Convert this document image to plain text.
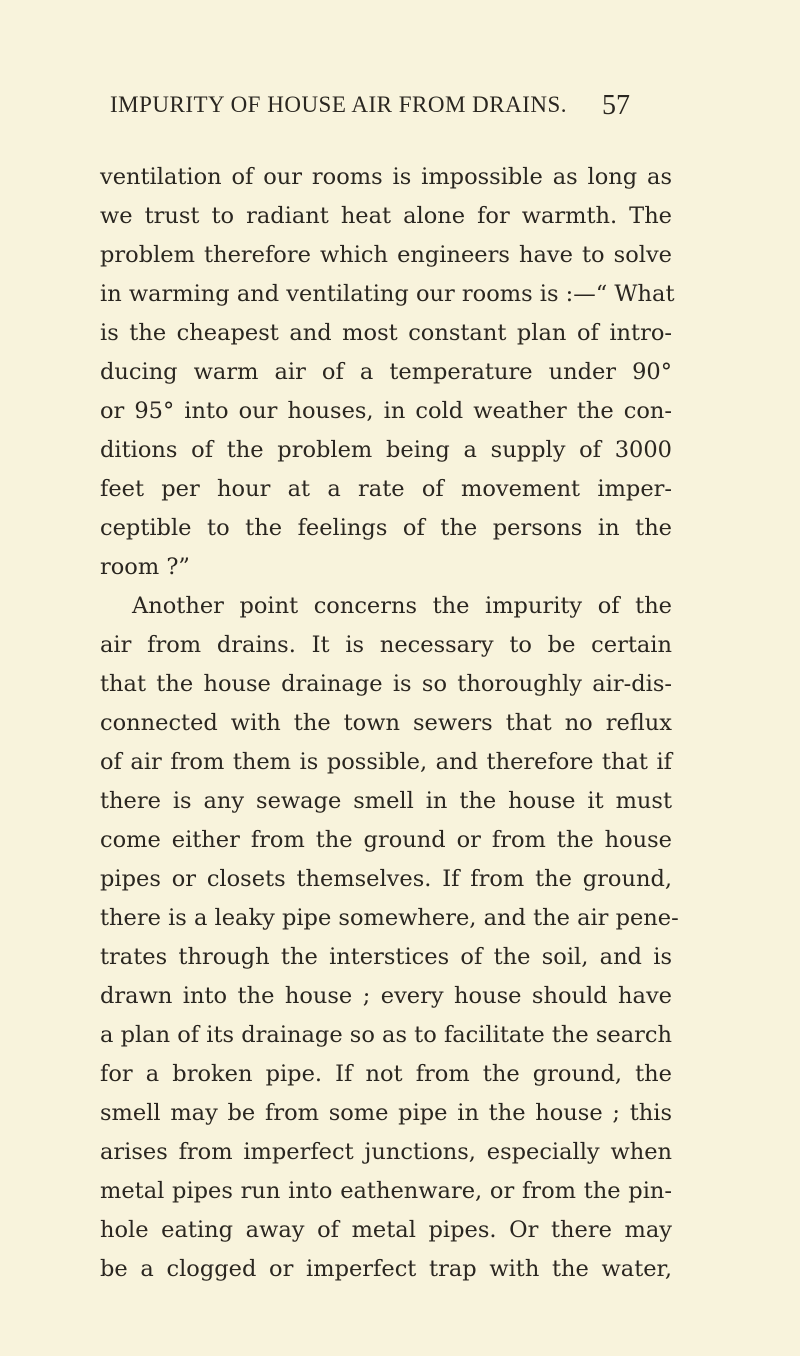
IMPURITY OF HOUSE AIR FROM DRAINS. 57
ventilation of our rooms is impossible as long as
we trust to radiant heat alone for warmth. The
problem therefore which engineers have to solve
in warming and ventilating our rooms is :—“ What
is the cheapest and most constant plan of intro-
ducing warm air of a temperature under 90°
or 95° into our houses, in cold weather the con-
ditions of the problem being a supply of 3000
feet per hour at a rate of movement imper-
ceptible to the feelings of the persons in the
room ?”
Another point concerns the impurity of the
air from drains. It is necessary to be certain
that the house drainage is so thoroughly air-dis-
connected with the town sewers that no reflux
of air from them is possible, and therefore that if
there is any sewage smell in the house it must
come either from the ground or from the house
pipes or closets themselves. If from the ground,
there is a leaky pipe somewhere, and the air pene-
trates through the interstices of the soil, and is
drawn into the house ; every house should have
a plan of its drainage so as to facilitate the search
for a broken pipe. If not from the ground, the
smell may be from some pipe in the house ; this
arises from imperfect junctions, especially when
metal pipes run into eathenware, or from the pin-
hole eating away of metal pipes. Or there may
be a clogged or imperfect trap with the water,
